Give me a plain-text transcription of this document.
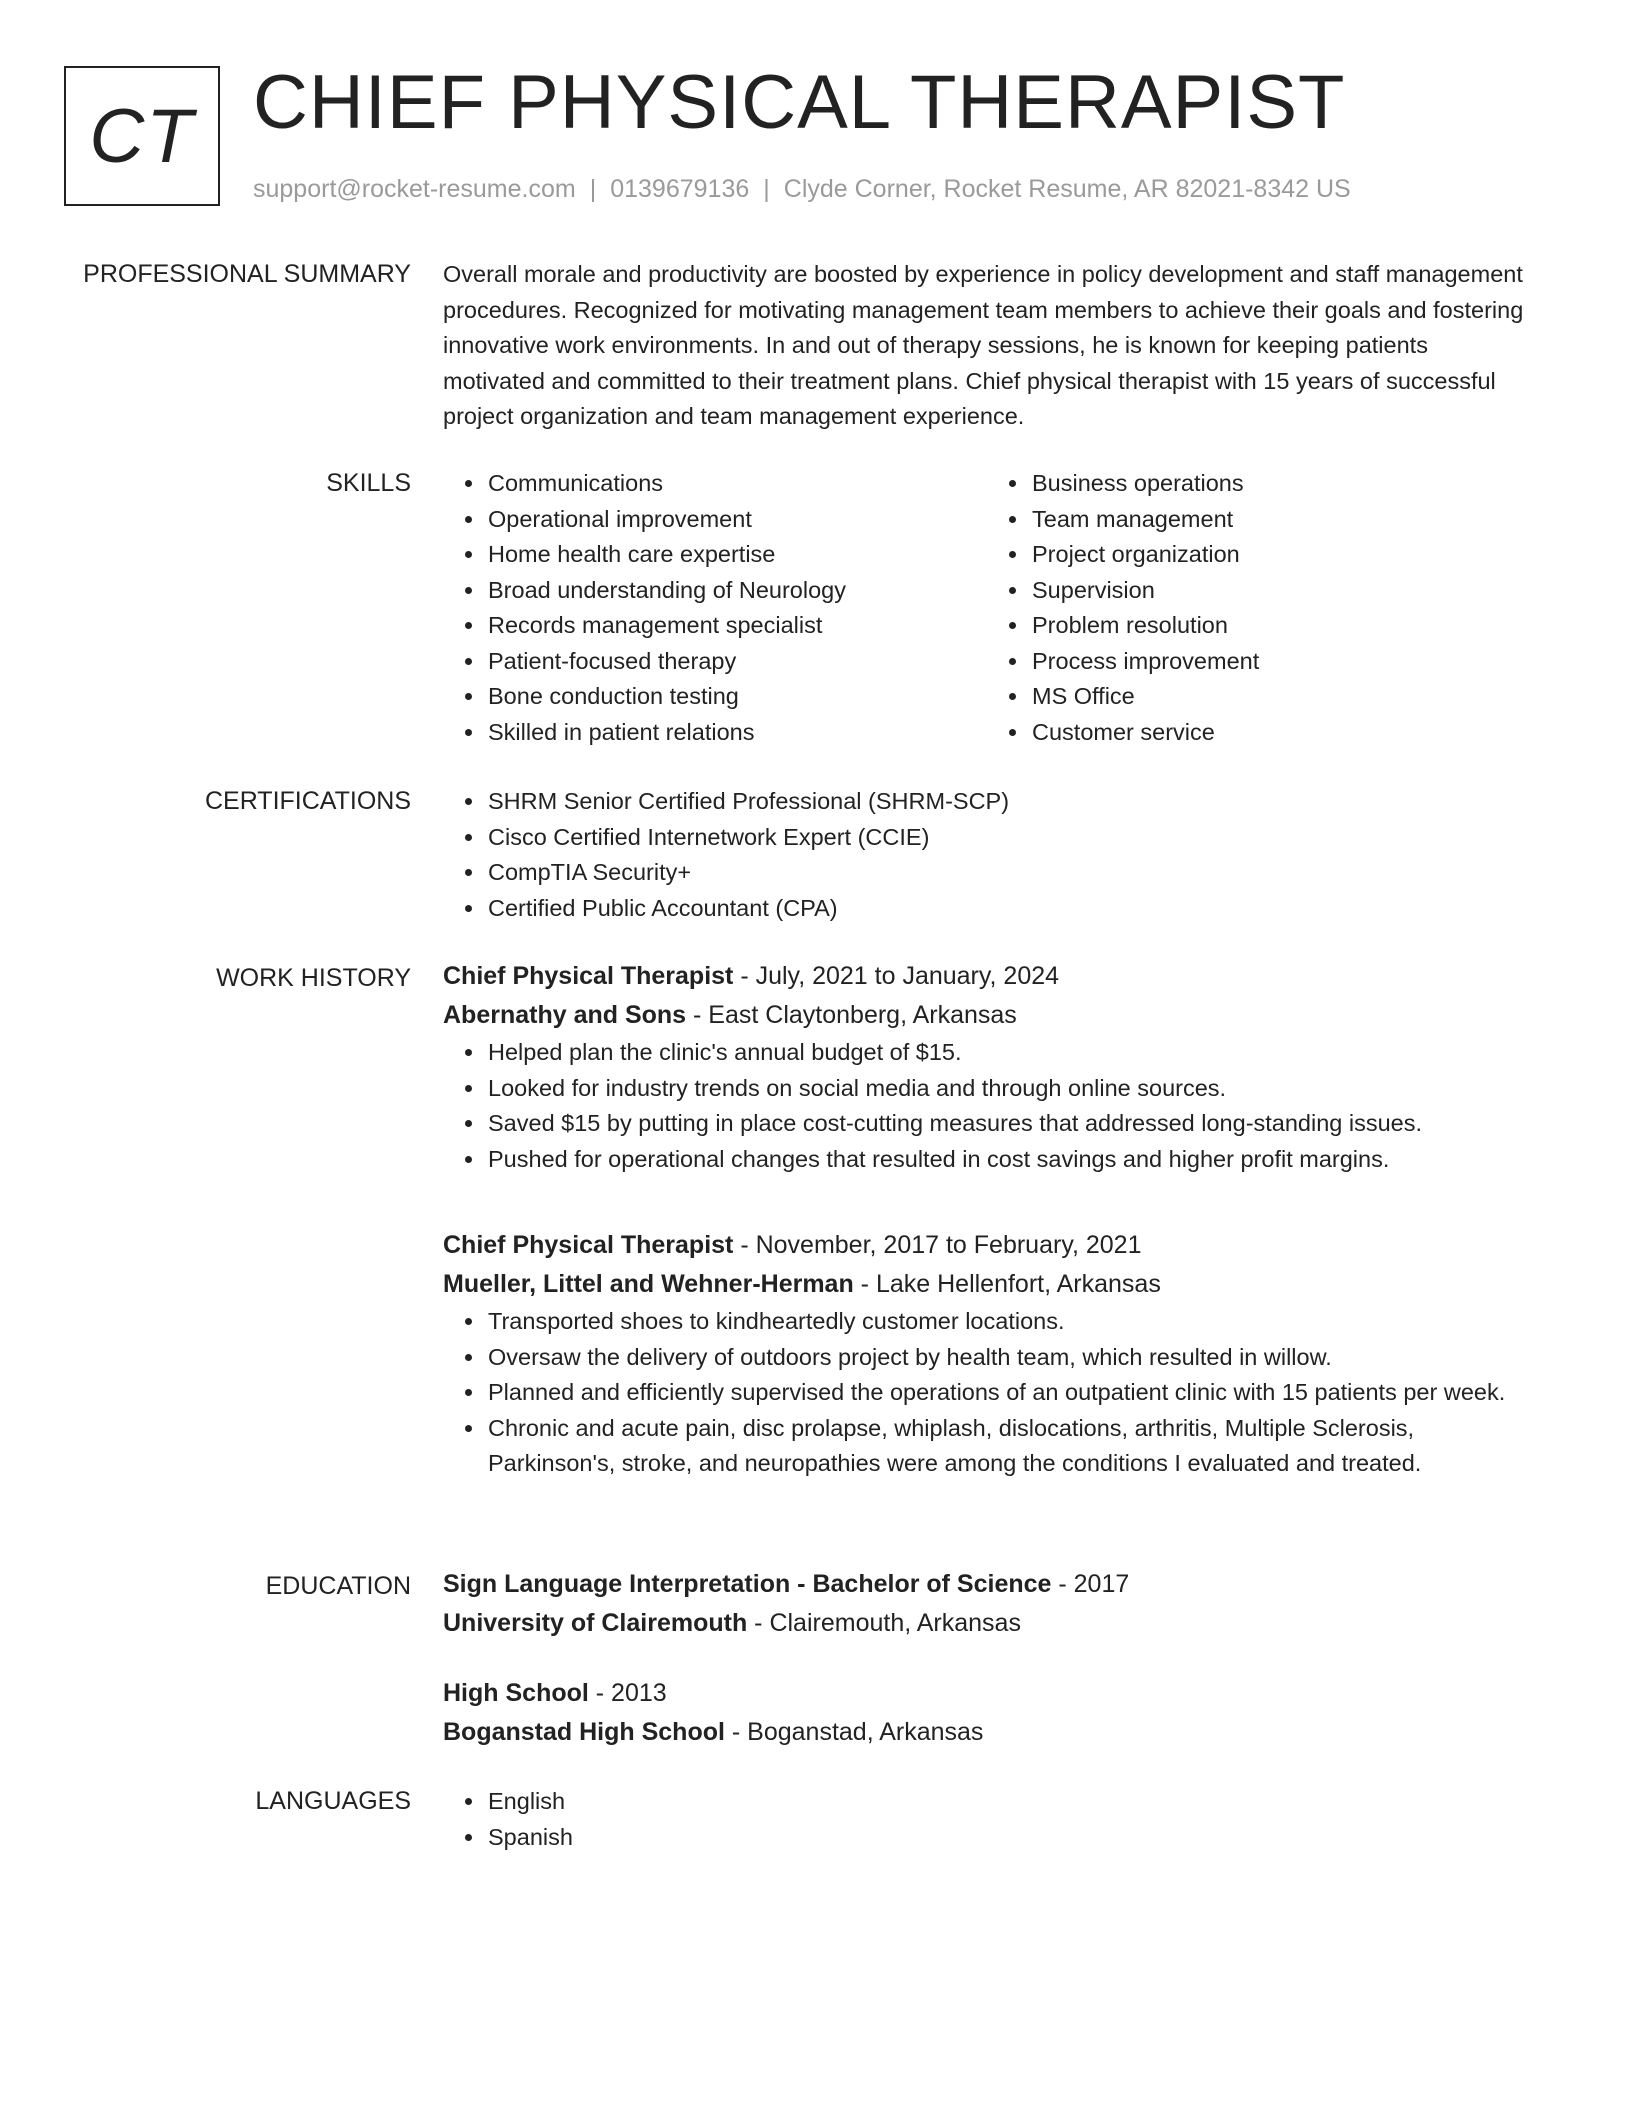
CT CHIEF PHYSICAL THERAPIST
support@rocket-resume.com | 0139679136 | Clyde Corner, Rocket Resume, AR 82021-8342 US
PROFESSIONAL SUMMARY Overall morale and productivity are boosted by experience in policy development and staff management procedures. Recognized for motivating management team members to achieve their goals and fostering innovative work environments. In and out of therapy sessions, he is known for keeping patients motivated and committed to their treatment plans. Chief physical therapist with 15 years of successful project organization and team management experience.

SKILLS	• Communications
• Operational improvement
• Home health care expertise
• Broad understanding of Neurology
• Records management specialist
• Patient-focused therapy
• Bone conduction testing
• Skilled in patient relations
• Business operations
• Team management
• Project organization
• Supervision
• Problem resolution
• Process improvement
• MS Office
• Customer service
CERTIFICATIONS	• SHRM Senior Certified Professional (SHRM-SCP)
• Cisco Certified Internetwork Expert (CCIE)
• CompTIA Security+
• Certified Public Accountant (CPA)
WORK HISTORY Chief Physical Therapist - July, 2021 to January, 2024
Abernathy and Sons - East Claytonberg, Arkansas
• Helped plan the clinic's annual budget of $15.
• Looked for industry trends on social media and through online sources.
• Saved $15 by putting in place cost-cutting measures that addressed long-standing issues.
• Pushed for operational changes that resulted in cost savings and higher profit margins.
Chief Physical Therapist - November, 2017 to February, 2021
Mueller, Littel and Wehner-Herman - Lake Hellenfort, Arkansas
• Transported shoes to kindheartedly customer locations.
• Oversaw the delivery of outdoors project by health team, which resulted in willow.
• Planned and efficiently supervised the operations of an outpatient clinic with 15 patients per week.
• Chronic and acute pain, disc prolapse, whiplash, dislocations, arthritis, Multiple Sclerosis, Parkinson's, stroke, and neuropathies were among the conditions I evaluated and treated.
EDUCATION Sign Language Interpretation - Bachelor of Science - 2017
University of Clairemouth - Clairemouth, Arkansas
High School - 2013
Boganstad High School - Boganstad, Arkansas
LANGUAGES	• English
• Spanish
